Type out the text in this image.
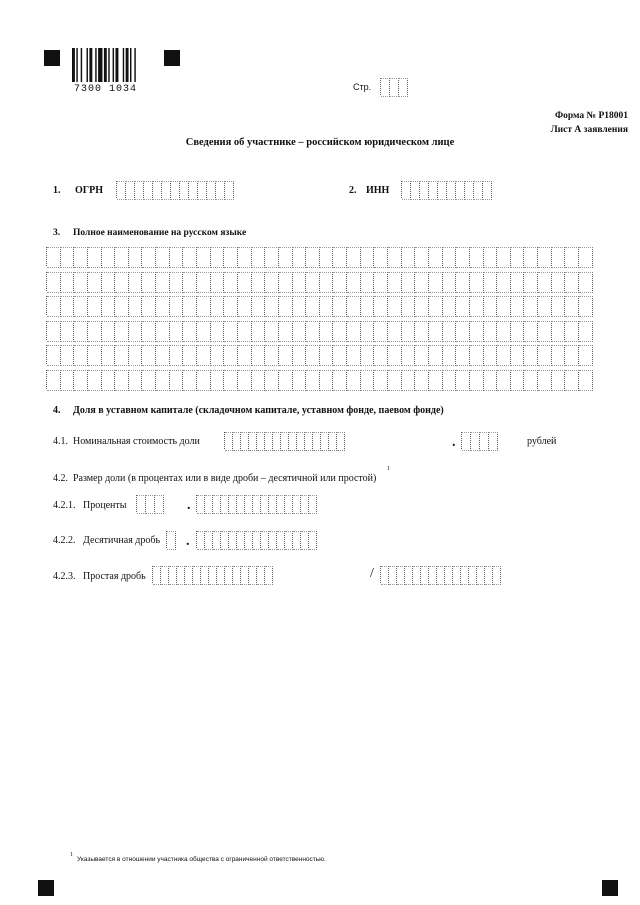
7300 1034	Стр.
Форма № Р18001
Лист А заявления
Сведения об участнике – российском юридическом лице
1. ОГРН	2. ИНН
3. Полное наименование на русском языке
4. Доля в уставном капитале (складочном капитале, уставном фонде, паевом фонде)
4.1. Номинальная стоимость доли	.	рублей
4.2. Размер доли (в процентах или в виде дроби – десятичной или простой)
1
4.2.1. Проценты	.
4.2.2. Десятичная дробь .
4.2.3. Простая дробь	/
1
Указывается в отношении участника общества с ограниченной ответственностью.
